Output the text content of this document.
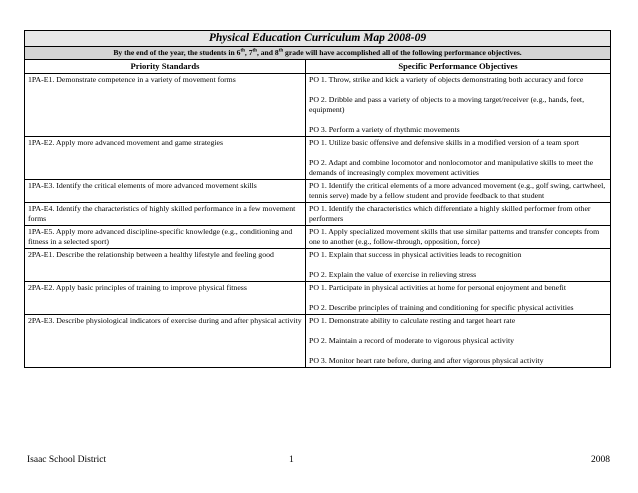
Physical Education Curriculum Map 2008-09	
By the end of the year, the students in 6th, 7th, and 8th grade will have accomplished all of the following performance objectives.	
Priority Standards	Specific Performance Objectives
1PA-E1. Demonstrate competence in a variety of movement forms	PO 1. Throw, strike and kick a variety of objects demonstrating both accuracy and force

PO 2. Dribble and pass a variety of objects to a moving target/receiver (e.g., hands, feet, equipment)

PO 3. Perform a variety of rhythmic movements

1PA-E2. Apply more advanced movement and game strategies	PO 1. Utilize basic offensive and defensive skills in a modified version of a team sport

PO 2. Adapt and combine locomotor and nonlocomotor and manipulative skills to meet the demands of increasingly complex movement activities

1PA-E3. Identify the critical elements of more advanced movement skills	PO 1. Identify the critical elements of a more advanced movement (e.g., golf swing, cartwheel, tennis serve) made by a fellow student and provide feedback to that student

1PA-E4. Identify the characteristics of highly skilled performance in a few movement forms	PO 1. Identify the characteristics which differentiate a highly skilled performer from other performers

1PA-E5. Apply more advanced discipline-specific knowledge (e.g., conditioning and fitness in a selected sport)	PO 1. Apply specialized movement skills that use similar patterns and transfer concepts from one to another (e.g., follow-through, opposition, force)

2PA-E1. Describe the relationship between a healthy lifestyle and feeling good	PO 1. Explain that success in physical activities leads to recognition

PO 2. Explain the value of exercise in relieving stress

2PA-E2. Apply basic principles of training to improve physical fitness	PO 1. Participate in physical activities at home for personal enjoyment and benefit

PO 2. Describe principles of training and conditioning for specific physical activities

2PA-E3. Describe physiological indicators of exercise during and after physical activity	PO 1. Demonstrate ability to calculate resting and target heart rate

PO 2. Maintain a record of moderate to vigorous physical activity

PO 3. Monitor heart rate before, during and after vigorous physical activity

Isaac School District	1	2008
